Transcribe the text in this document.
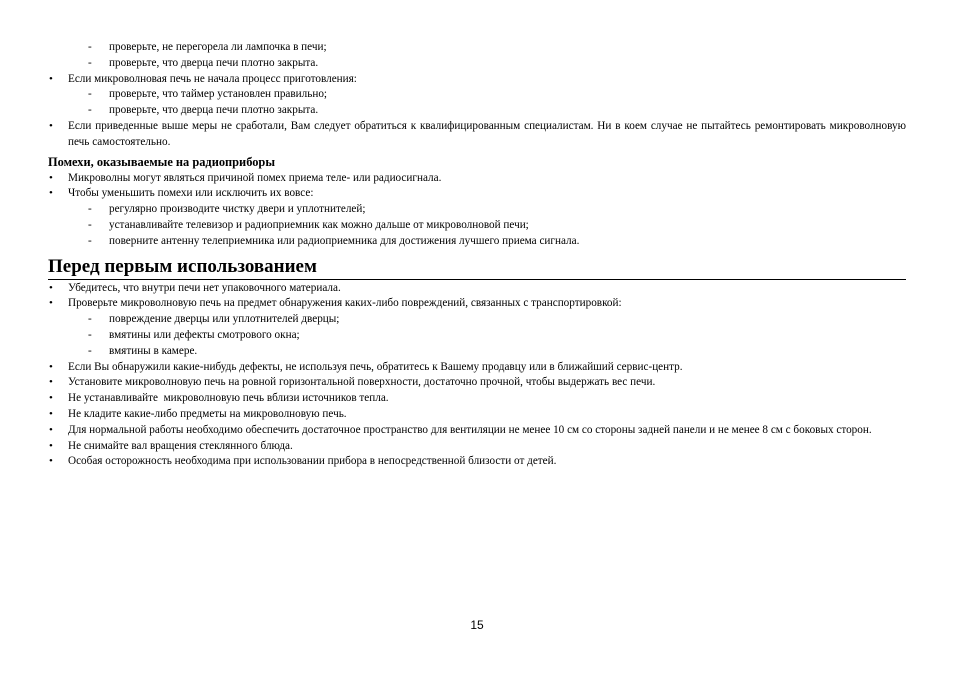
- проверьте, не перегорела ли лампочка в печи;
- проверьте, что дверца печи плотно закрыта.
• Если микроволновая печь не начала процесс приготовления:
- проверьте, что таймер установлен правильно;
- проверьте, что дверца печи плотно закрыта.
• Если приведенные выше меры не сработали, Вам следует обратиться к квалифицированным специалистам. Ни в коем случае не пытайтесь ремонтировать микроволновую печь самостоятельно.
Помехи, оказываемые на радиоприборы
• Микроволны могут являться причиной помех приема теле- или радиосигнала.
• Чтобы уменьшить помехи или исключить их вовсе:
- регулярно производите чистку двери и уплотнителей;
- устанавливайте телевизор и радиоприемник как можно дальше от микроволновой печи;
- поверните антенну телеприемника или радиоприемника для достижения лучшего приема сигнала.
Перед первым использованием
• Убедитесь, что внутри печи нет упаковочного материала.
• Проверьте микроволновую печь на предмет обнаружения каких-либо повреждений, связанных с транспортировкой:
- повреждение дверцы или уплотнителей дверцы;
- вмятины или дефекты смотрового окна;
- вмятины в камере.
• Если Вы обнаружили какие-нибудь дефекты, не используя печь, обратитесь к Вашему продавцу или в ближайший сервис-центр.
• Установите микроволновую печь на ровной горизонтальной поверхности, достаточно прочной, чтобы выдержать вес печи.
• Не устанавливайте  микроволновую печь вблизи источников тепла.
• Не кладите какие-либо предметы на микроволновую печь.
• Для нормальной работы необходимо обеспечить достаточное пространство для вентиляции не менее 10 см со стороны задней панели и не менее 8 см с боковых сторон.
• Не снимайте вал вращения стеклянного блюда.
• Особая осторожность необходима при использовании прибора в непосредственной близости от детей.
15
